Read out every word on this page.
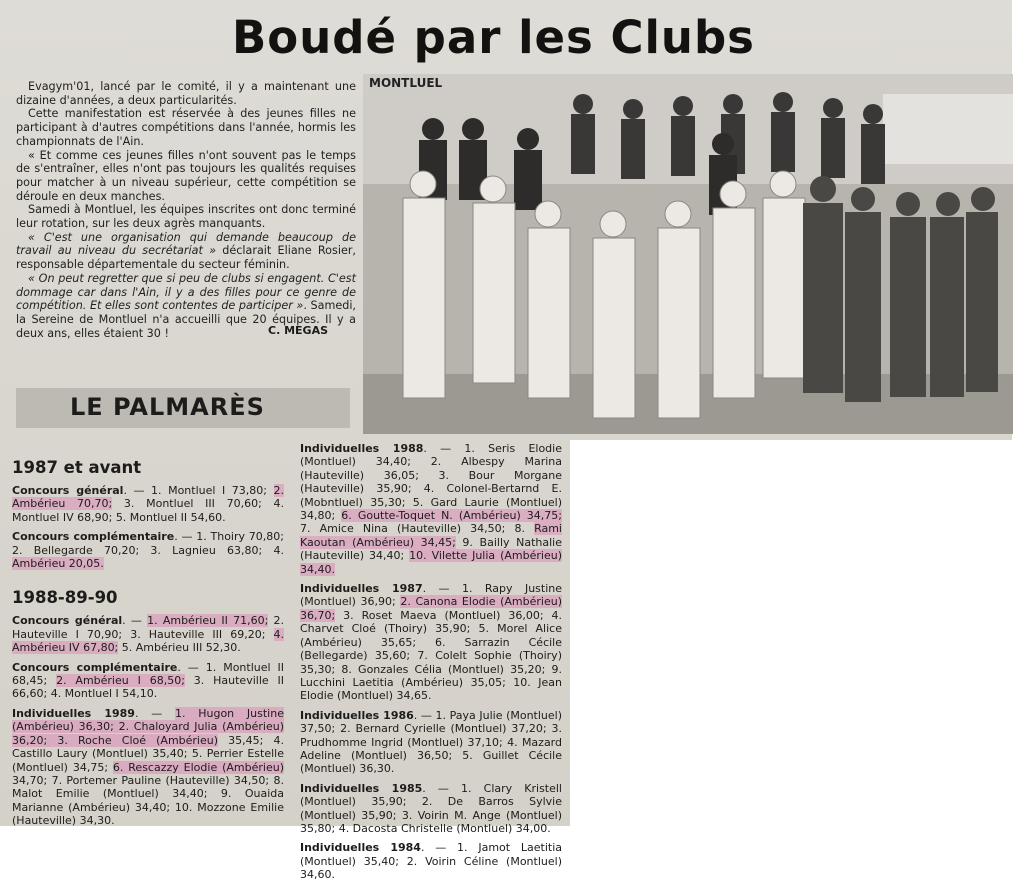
Boudé par les Clubs

Evagym'01, lancé par le comité, il y a maintenant une dizaine d'années, a deux particularités.

Cette manifestation est réservée à des jeunes filles ne participant à d'autres compétitions dans l'année, hormis les championnats de l'Ain.

« Et comme ces jeunes filles n'ont souvent pas le temps de s'entraîner, elles n'ont pas toujours les qualités requises pour matcher à un niveau supérieur, cette compétition se déroule en deux manches.

Samedi à Montluel, les équipes inscrites ont donc terminé leur rotation, sur les deux agrès manquants.

« C'est une organisation qui demande beaucoup de travail au niveau du secrétariat » déclarait Eliane Rosier, responsable départementale du secteur féminin.

« On peut regretter que si peu de clubs si engagent. C'est dommage car dans l'Ain, il y a des filles pour ce genre de compétition. Et elles sont contentes de participer ». Samedi, la Sereine de Montluel n'a accueilli que 20 équipes. Il y a deux ans, elles étaient 30 !	C. MEGAS
MONTLUEL
LE PALMARÈS
1987 et avant
Concours général. — 1. Montluel I 73,80; 2. Ambérieu 70,70; 3. Montluel III 70,60; 4. Montluel IV 68,90; 5. Montluel II 54,60.
Concours complémentaire. — 1. Thoiry 70,80; 2. Bellegarde 70,20; 3. Lagnieu 63,80; 4. Ambérieu 20,05.
1988-89-90
Concours général. — 1. Ambérieu II 71,60; 2. Hauteville I 70,90; 3. Hauteville III 69,20; 4. Ambérieu IV 67,80; 5. Ambérieu III 52,30.
Concours complémentaire. — 1. Montluel II 68,45; 2. Ambérieu I 68,50; 3. Hauteville II 66,60; 4. Montluel I 54,10.
Individuelles 1989. — 1. Hugon Justine (Ambérieu) 36,30; 2. Chaloyard Julia (Ambérieu) 36,20; 3. Roche Cloé (Ambérieu) 35,45; 4. Castillo Laury (Montluel) 35,40; 5. Perrier Estelle (Montluel) 34,75; 6. Rescazzy Elodie (Ambérieu) 34,70; 7. Portemer Pauline (Hauteville) 34,50; 8. Malot Emilie (Montluel) 34,40; 9. Ouaida Marianne (Ambérieu) 34,40; 10. Mozzone Emilie (Hauteville) 34,30.
Individuelles 1988. — 1. Seris Elodie (Montluel) 34,40; 2. Albespy Marina (Hauteville) 36,05; 3. Bour Morgane (Hauteville) 35,90; 4. Colonel-Bertarnd E. (Mobntluel) 35,30; 5. Gard Laurie (Montluel) 34,80; 6. Goutte-Toquet N. (Ambérieu) 34,75; 7. Amice Nina (Hauteville) 34,50; 8. Rami Kaoutan (Ambérieu) 34,45; 9. Bailly Nathalie (Hauteville) 34,40; 10. Vilette Julia (Ambérieu) 34,40.
Individuelles 1987. — 1. Rapy Justine (Montluel) 36,90; 2. Canona Elodie (Ambérieu) 36,70; 3. Roset Maeva (Montluel) 36,00; 4. Charvet Cloé (Thoiry) 35,90; 5. Morel Alice (Ambérieu) 35,65; 6. Sarrazin Cécile (Bellegarde) 35,60; 7. Colelt Sophie (Thoiry) 35,30; 8. Gonzales Célia (Montluel) 35,20; 9. Lucchini Laetitia (Ambérieu) 35,05; 10. Jean Elodie (Montluel) 34,65.
Individuelles 1986. — 1. Paya Julie (Montluel) 37,50; 2. Bernard Cyrielle (Montluel) 37,20; 3. Prudhomme Ingrid (Montluel) 37,10; 4. Mazard Adeline (Montluel) 36,50; 5. Guillet Cécile (Montluel) 36,30.
Individuelles 1985. — 1. Clary Kristell (Montluel) 35,90; 2. De Barros Sylvie (Montluel) 35,90; 3. Voirin M. Ange (Montluel) 35,80; 4. Dacosta Christelle (Montluel) 34,00.
Individuelles 1984. — 1. Jamot Laetitia (Montluel) 35,40; 2. Voirin Céline (Montluel) 34,60.
